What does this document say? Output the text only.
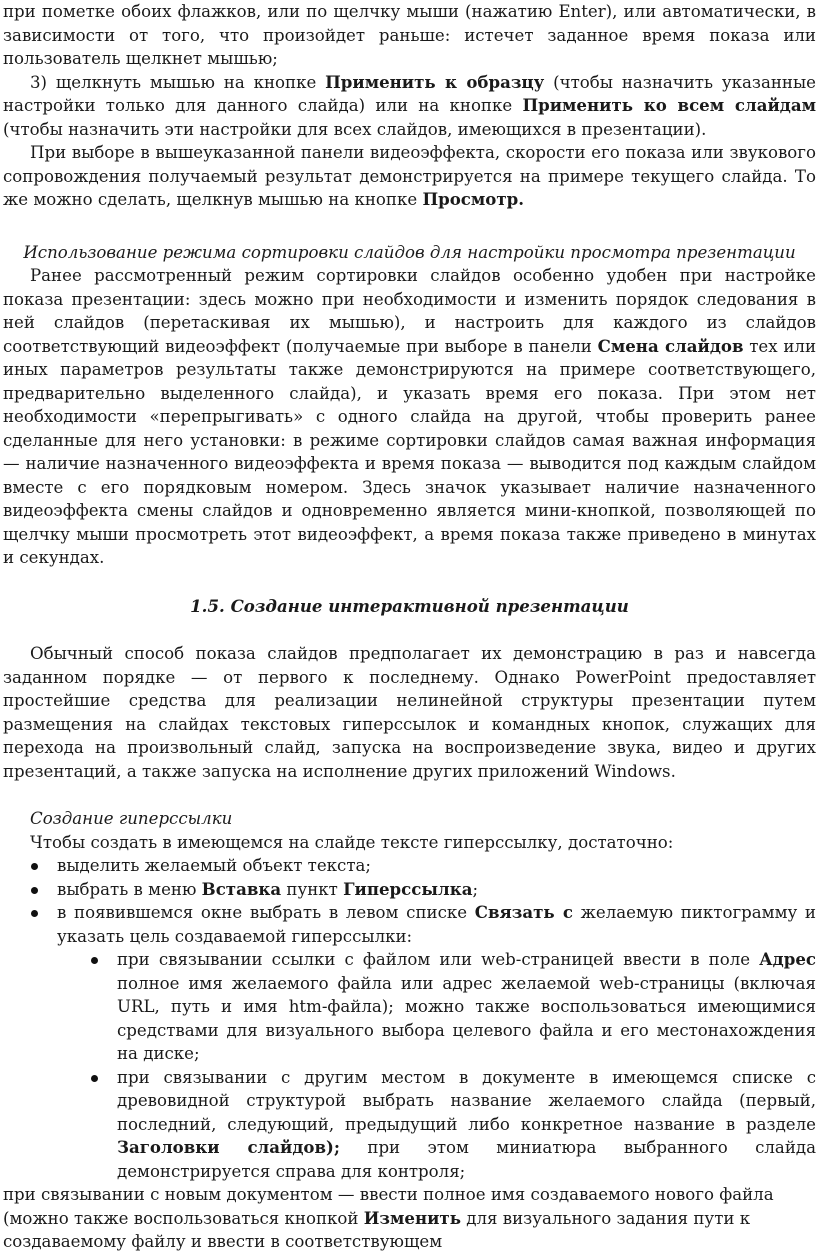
при пометке обоих флажков, или по щелчку мыши (нажатию Enter), или автоматически, в зависимости от того, что произойдет раньше: истечет заданное время показа или пользователь щелкнет мышью;

3) щелкнуть мышью на кнопке Применить к образцу (чтобы назначить указанные настройки только для данного слайда) или на кнопке Применить ко всем слайдам (чтобы назначить эти настройки для всех слайдов, имеющихся в презентации).

При выборе в вышеуказанной панели видеоэффекта, скорости его показа или звукового сопровождения получаемый результат демонстрируется на примере текущего слайда. То же можно сделать, щелкнув мышью на кнопке Просмотр.

Использование режима сортировки слайдов для настройки просмотра презентации

Ранее рассмотренный режим сортировки слайдов особенно удобен при настройке показа презентации: здесь можно при необходимости и изменить порядок следования в ней слайдов (перетаскивая их мышью), и настроить для каждого из слайдов соответствующий видеоэффект (получаемые при выборе в панели Смена слайдов тех или иных параметров результаты также демонстрируются на примере соответствующего, предварительно выделенного слайда), и указать время его показа. При этом нет необходимости «перепрыгивать» с одного слайда на другой, чтобы проверить ранее сделанные для него установки: в режиме сортировки слайдов самая важная информация — наличие назначенного видеоэффекта и время показа — выводится под каждым слайдом вместе с его порядковым номером. Здесь значок указывает наличие назначенного видеоэффекта смены слайдов и одновременно является мини-кнопкой, позволяющей по щелчку мыши просмотреть этот видеоэффект, а время показа также приведено в минутах и секундах.

1.5. Создание интерактивной презентации

Обычный способ показа слайдов предполагает их демонстрацию в раз и навсегда заданном порядке — от первого к последнему. Однако PowerPoint предоставляет простейшие средства для реализации нелинейной структуры презентации путем размещения на слайдах текстовых гиперссылок и командных кнопок, служащих для перехода на произвольный слайд, запуска на воспроизведение звука, видео и других презентаций, а также запуска на исполнение других приложений Windows.

Создание гиперссылки

Чтобы создать в имеющемся на слайде тексте гиперссылку, достаточно:

выделить желаемый объект текста;
выбрать в меню Вставка пункт Гиперссылка;
в появившемся окне выбрать в левом списке Связать с желаемую пиктограмму и указать цель создаваемой гиперссылки:
при связывании ссылки с файлом или web-страницей ввести в поле Адрес полное имя желаемого файла или адрес желаемой web-страницы (включая URL, путь и имя htm-файла); можно также воспользоваться имеющимися средствами для визуального выбора целевого файла и его местонахождения на диске;
при связывании с другим местом в документе в имеющемся списке с древовидной структурой выбрать название желаемого слайда (первый, последний, следующий, предыдущий либо конкретное название в разделе Заголовки слайдов); при этом миниатюра выбранного слайда демонстрируется справа для контроля;

при связывании с новым документом — ввести полное имя создаваемого нового файла (можно также воспользоваться кнопкой Изменить для визуального задания пути к создаваемому файлу и ввести в соответствующем
